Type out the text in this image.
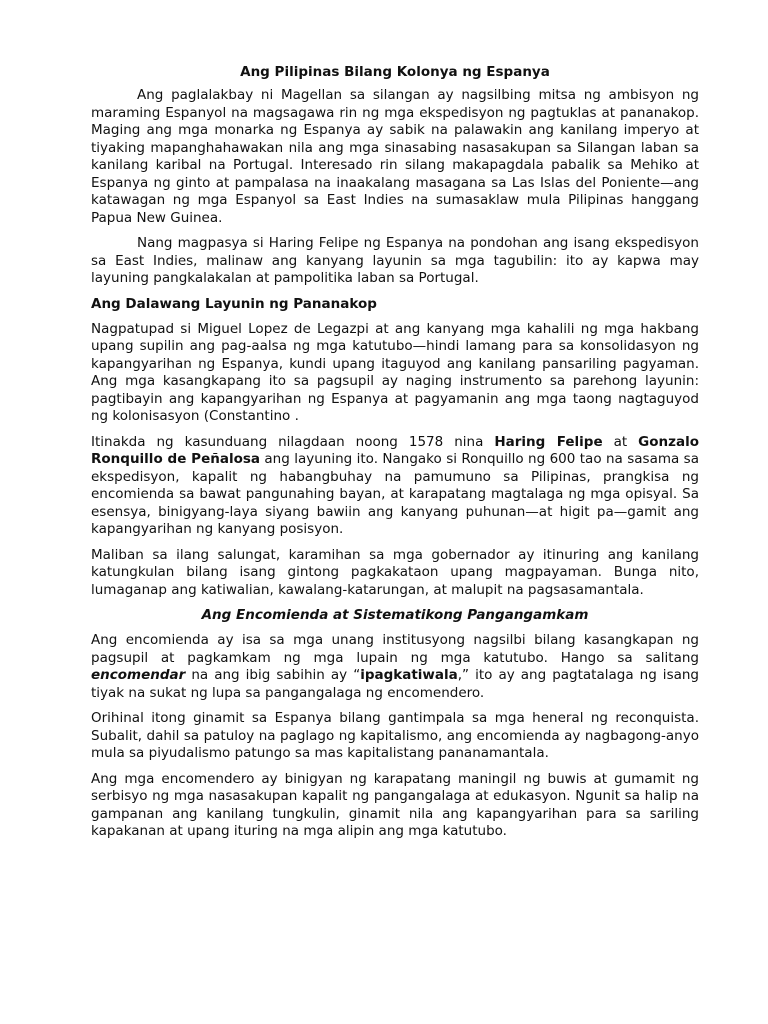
Ang Pilipinas Bilang Kolonya ng Espanya

Ang paglalakbay ni Magellan sa silangan ay nagsilbing mitsa ng ambisyon ng maraming Espanyol na magsagawa rin ng mga ekspedisyon ng pagtuklas at pananakop. Maging ang mga monarka ng Espanya ay sabik na palawakin ang kanilang imperyo at tiyaking mapanghahawakan nila ang mga sinasabing nasasakupan sa Silangan laban sa kanilang karibal na Portugal. Interesado rin silang makapagdala pabalik sa Mehiko at Espanya ng ginto at pampalasa na inaakalang masagana sa Las Islas del Poniente—ang katawagan ng mga Espanyol sa East Indies na sumasaklaw mula Pilipinas hanggang Papua New Guinea.

Nang magpasya si Haring Felipe ng Espanya na pondohan ang isang ekspedisyon sa East Indies, malinaw ang kanyang layunin sa mga tagubilin: ito ay kapwa may layuning pangkalakalan at pampolitika laban sa Portugal.

Ang Dalawang Layunin ng Pananakop

Nagpatupad si Miguel Lopez de Legazpi at ang kanyang mga kahalili ng mga hakbang upang supilin ang pag-aalsa ng mga katutubo—hindi lamang para sa konsolidasyon ng kapangyarihan ng Espanya, kundi upang itaguyod ang kanilang pansariling pagyaman. Ang mga kasangkapang ito sa pagsupil ay naging instrumento sa parehong layunin: pagtibayin ang kapangyarihan ng Espanya at pagyamanin ang mga taong nagtaguyod ng kolonisasyon (Constantino .

Itinakda ng kasunduang nilagdaan noong 1578 nina Haring Felipe at Gonzalo Ronquillo de Peñalosa ang layuning ito. Nangako si Ronquillo ng 600 tao na sasama sa ekspedisyon, kapalit ng habangbuhay na pamumuno sa Pilipinas, prangkisa ng encomienda sa bawat pangunahing bayan, at karapatang magtalaga ng mga opisyal. Sa esensya, binigyang-laya siyang bawiin ang kanyang puhunan—at higit pa—gamit ang kapangyarihan ng kanyang posisyon.

Maliban sa ilang salungat, karamihan sa mga gobernador ay itinuring ang kanilang katungkulan bilang isang gintong pagkakataon upang magpayaman. Bunga nito, lumaganap ang katiwalian, kawalang-katarungan, at malupit na pagsasamantala.

Ang Encomienda at Sistematikong Pangangamkam

Ang encomienda ay isa sa mga unang institusyong nagsilbi bilang kasangkapan ng pagsupil at pagkamkam ng mga lupain ng mga katutubo. Hango sa salitang encomendar na ang ibig sabihin ay “ipagkatiwala,” ito ay ang pagtatalaga ng isang tiyak na sukat ng lupa sa pangangalaga ng encomendero.

Orihinal itong ginamit sa Espanya bilang gantimpala sa mga heneral ng reconquista. Subalit, dahil sa patuloy na paglago ng kapitalismo, ang encomienda ay nagbagong-anyo mula sa piyudalismo patungo sa mas kapitalistang pananamantala.

Ang mga encomendero ay binigyan ng karapatang maningil ng buwis at gumamit ng serbisyo ng mga nasasakupan kapalit ng pangangalaga at edukasyon. Ngunit sa halip na gampanan ang kanilang tungkulin, ginamit nila ang kapangyarihan para sa sariling kapakanan at upang ituring na mga alipin ang mga katutubo.
